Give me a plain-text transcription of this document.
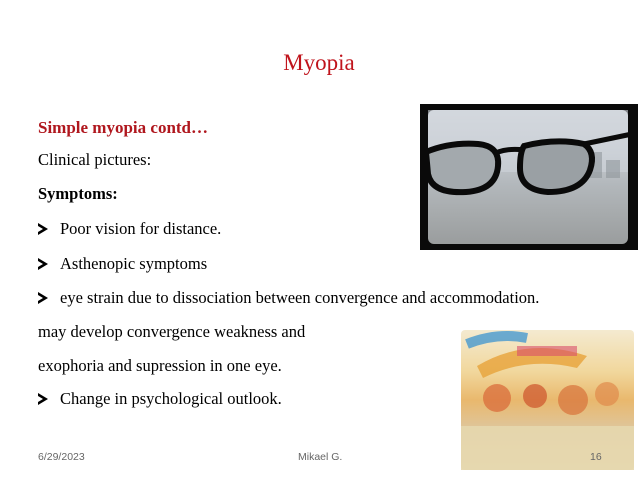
Myopia
Simple myopia contd…
Clinical pictures:
Symptoms:
Poor vision for distance.
Asthenopic symptoms
eye strain due to dissociation between convergence and accommodation.
may develop convergence weakness and
exophoria and supression in one eye.
Change in psychological outlook.
6/29/2023	Mikael G.	16
